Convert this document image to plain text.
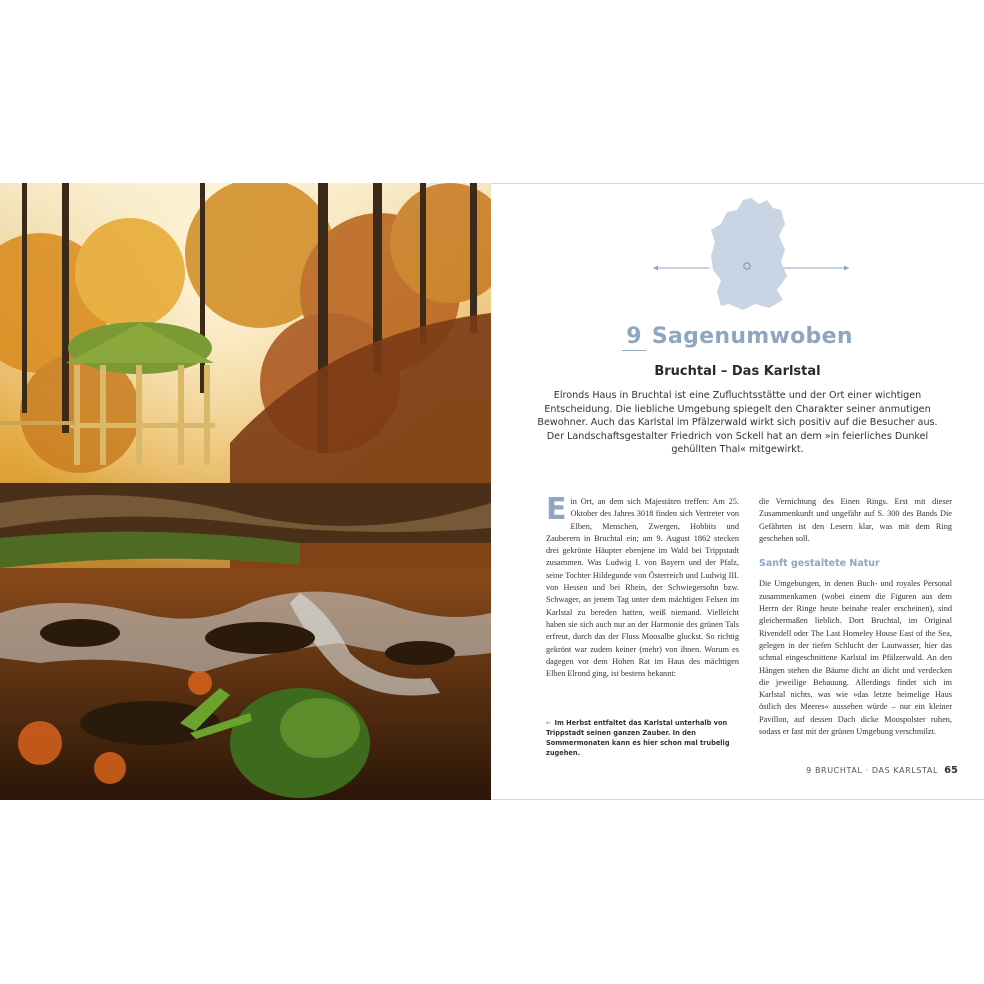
9 Sagenumwoben
Bruchtal – Das Karlstal
Elronds Haus in Bruchtal ist eine Zufluchtsstätte und der Ort einer wichtigen Entscheidung. Die liebliche Umgebung spiegelt den Charakter seiner anmutigen Bewohner. Auch das Karlstal im Pfälzerwald wirkt sich positiv auf die Besucher aus. Der Landschaftsgestalter Friedrich von Sckell hat an dem »in feierliches Dunkel gehüllten Thal« mitgewirkt.
E in Ort, an dem sich Majestäten treffen: Am 25. Oktober des Jahres 3018 finden sich Vertreter von Elben, Menschen, Zwergen, Hobbits und Zauberern in Bruchtal ein; am 9. August 1862 stecken drei gekrönte Häupter ebenjene im Wald bei Trippstadt zusammen. Was Ludwig I. von Bayern und der Pfalz, seine Tochter Hildegunde von Österreich und Ludwig III. von Hessen und bei Rhein, der Schwiegersohn bzw. Schwager, an jenem Tag unter dem mächtigen Felsen im Karlstal zu bereden hatten, weiß niemand. Vielleicht haben sie sich auch nur an der Harmonie des grünen Tals erfreut, durch das der Fluss Moosalbe gluckst. So richtig gekrönt war zudem keiner (mehr) von ihnen. Worum es dagegen vor dem Hohen Rat im Haus des mächtigen Elben Elrond ging, ist bestens bekannt:

die Vernichtung des Einen Rings. Erst mit dieser Zusammenkunft und ungefähr auf S. 300 des Bands Die Gefährten ist den Lesern klar, was mit dem Ring geschehen soll.

Sanft gestaltete Natur

Die Umgebungen, in denen Buch- und royales Personal zusammenkamen (wobei einem die Figuren aus dem Herrn der Ringe heute beinahe realer erscheinen), sind gleichermaßen lieblich. Dort Bruchtal, im Original Rivendell oder The Last Homeley House East of the Sea, gelegen in der tiefen Schlucht der Lautwasser, hier das schmal eingeschnittene Karlstal im Pfälzerwald. An den Hängen stehen die Bäume dicht an dicht und verdecken die jeweilige Bebauung. Allerdings findet sich im Karlstal nichts, was wie »das letzte heimelige Haus östlich des Meeres« aussehen würde – nur ein kleiner Pavillon, auf dessen Dach dicke Moospolster ruhen, sodass er fast mit der grünen Umgebung verschmilzt.

← Im Herbst entfaltet das Karlstal unterhalb von Trippstadt seinen ganzen Zauber. In den Sommermonaten kann es hier schon mal trubelig zugehen.
9 BRUCHTAL · DAS KARLSTAL 65
